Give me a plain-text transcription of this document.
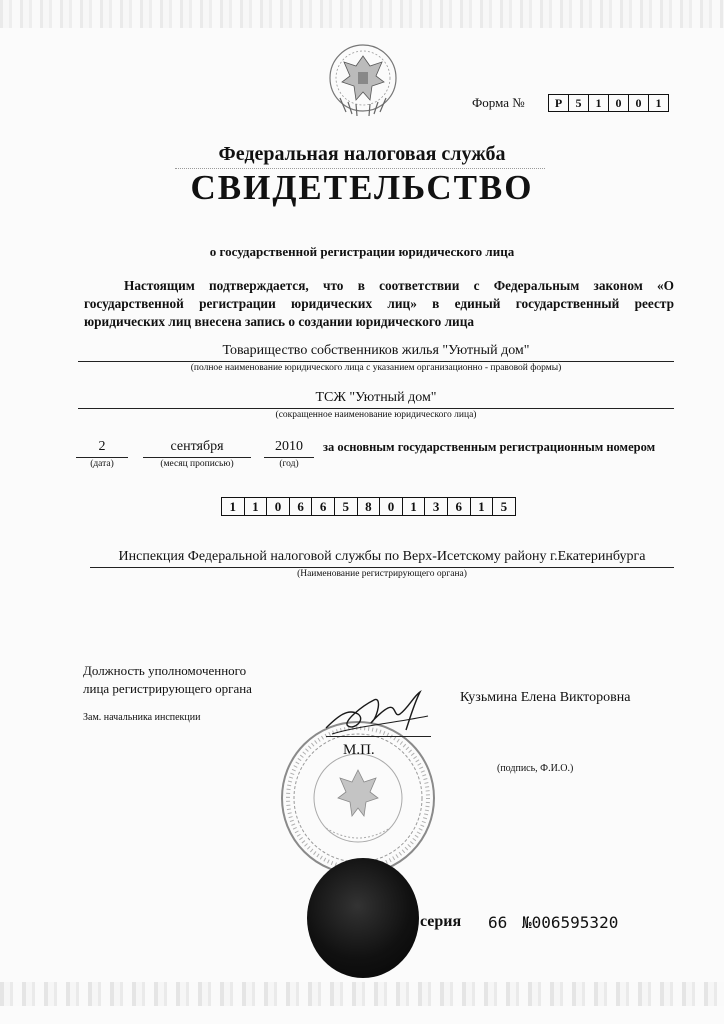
Форма №	Р	5	1	0	0	1
Федеральная налоговая служба
СВИДЕТЕЛЬСТВО
о государственной регистрации юридического лица
Настоящим подтверждается, что в соответствии с Федеральным законом «О государственной регистрации юридических лиц» в единый государственный реестр юридических лиц внесена запись о создании юридического лица
Товарищество собственников жилья "Уютный дом"
(полное наименование юридического лица с указанием организационно - правовой формы)
ТСЖ "Уютный дом"
(сокращенное наименование юридического лица)
2
(дата)
сентября
(месяц прописью)
2010
(год)
за основным государственным регистрационным номером
1	1	0	6	6	5	8	0	1	3	6	1	5
Инспекция Федеральной налоговой службы по Верх-Исетскому району г.Екатеринбурга
(Наименование регистрирующего органа)
Должность уполномоченного
лица регистрирующего органа
Зам. начальника инспекции
М.П.
Кузьмина Елена Викторовна
(подпись, Ф.И.О.)
серия 66 №006595320
